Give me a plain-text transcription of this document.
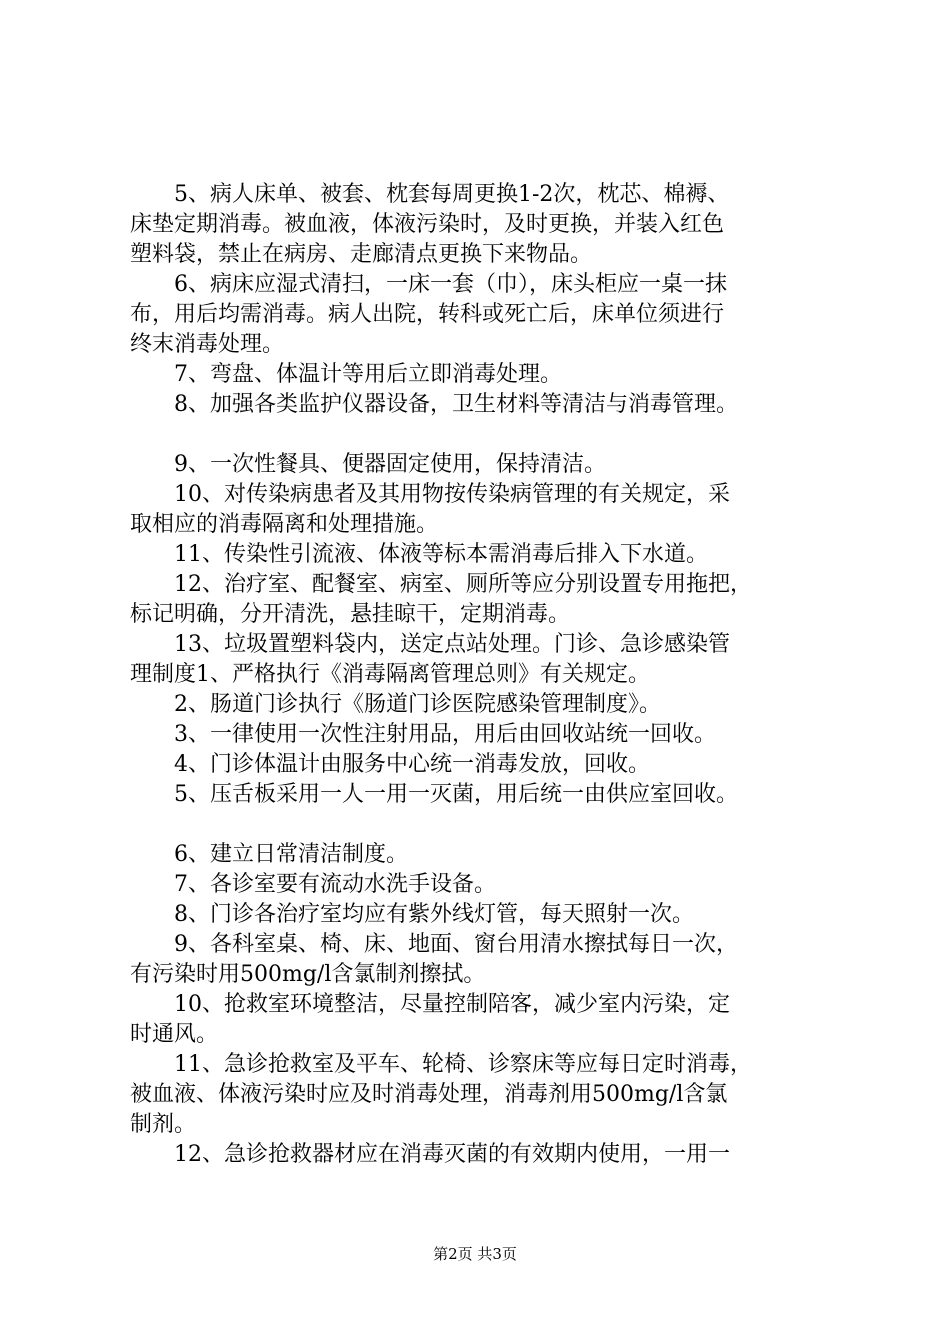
5、病人床单、被套、枕套每周更换1-2次，枕芯、棉褥、
床垫定期消毒。被血液，体液污染时，及时更换，并装入红色
塑料袋，禁止在病房、走廊清点更换下来物品。
6、病床应湿式清扫，一床一套（巾），床头柜应一桌一抹
布，用后均需消毒。病人出院，转科或死亡后，床单位须进行
终末消毒处理。
7、弯盘、体温计等用后立即消毒处理。
8、加强各类监护仪器设备，卫生材料等清洁与消毒管理。
9、一次性餐具、便器固定使用，保持清洁。
10、对传染病患者及其用物按传染病管理的有关规定，采
取相应的消毒隔离和处理措施。
11、传染性引流液、体液等标本需消毒后排入下水道。
12、治疗室、配餐室、病室、厕所等应分别设置专用拖把，
标记明确，分开清洗，悬挂晾干，定期消毒。
13、垃圾置塑料袋内，送定点站处理。门诊、急诊感染管
理制度1、严格执行《消毒隔离管理总则》有关规定。
2、肠道门诊执行《肠道门诊医院感染管理制度》。
3、一律使用一次性注射用品，用后由回收站统一回收。
4、门诊体温计由服务中心统一消毒发放，回收。
5、压舌板采用一人一用一灭菌，用后统一由供应室回收。
6、建立日常清洁制度。
7、各诊室要有流动水洗手设备。
8、门诊各治疗室均应有紫外线灯管，每天照射一次。
9、各科室桌、椅、床、地面、窗台用清水擦拭每日一次，
有污染时用500mg/l含氯制剂擦拭。
10、抢救室环境整洁，尽量控制陪客，减少室内污染，定
时通风。
11、急诊抢救室及平车、轮椅、诊察床等应每日定时消毒，
被血液、体液污染时应及时消毒处理，消毒剂用500mg/l含氯
制剂。
12、急诊抢救器材应在消毒灭菌的有效期内使用，一用一
第2页 共3页
